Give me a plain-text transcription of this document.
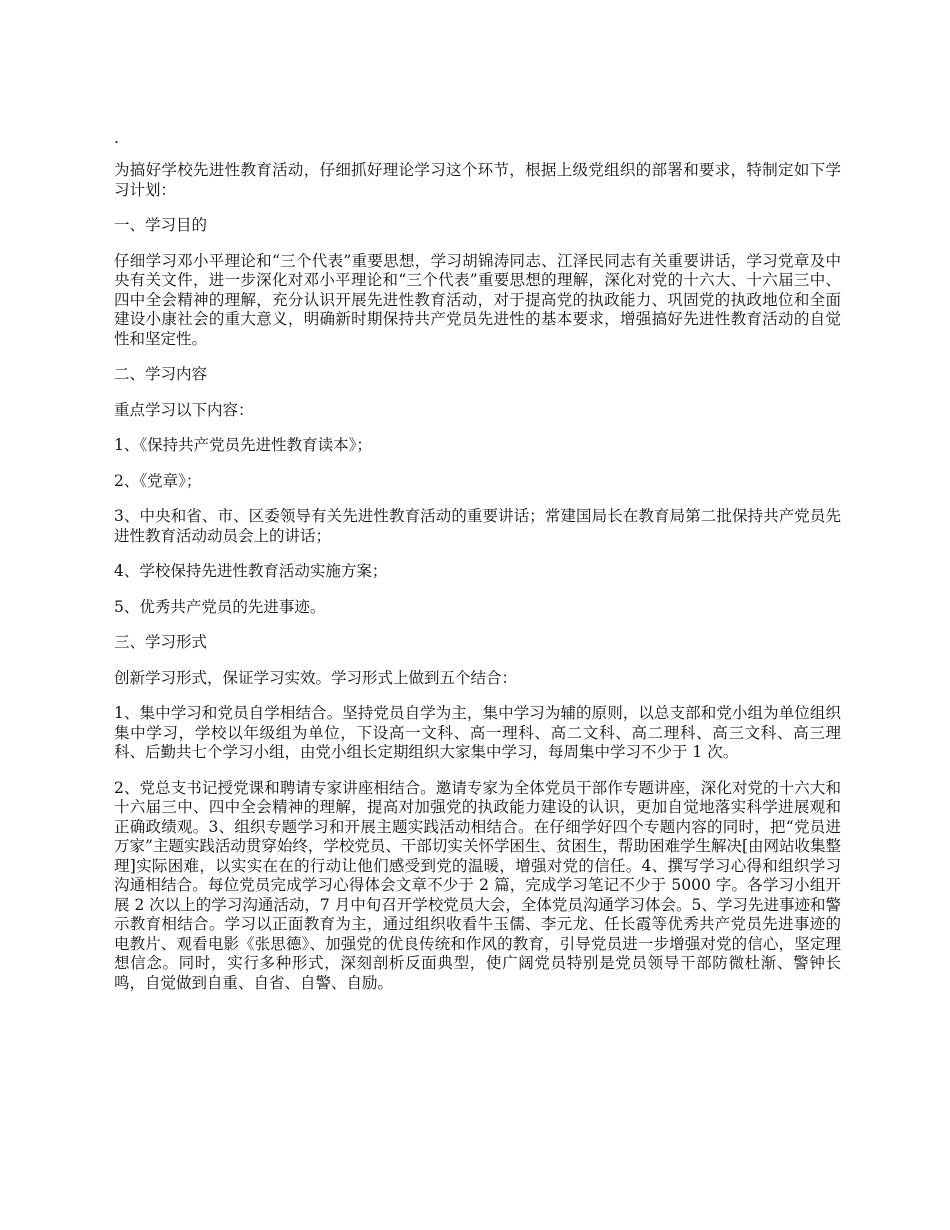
.

为搞好学校先进性教育活动，仔细抓好理论学习这个环节，根据上级党组织的部署和要求，特制定如下学习计划：

一、学习目的

仔细学习邓小平理论和“三个代表”重要思想，学习胡锦涛同志、江泽民同志有关重要讲话，学习党章及中央有关文件，进一步深化对邓小平理论和“三个代表”重要思想的理解，深化对党的十六大、十六届三中、四中全会精神的理解，充分认识开展先进性教育活动，对于提高党的执政能力、巩固党的执政地位和全面建设小康社会的重大意义，明确新时期保持共产党员先进性的基本要求，增强搞好先进性教育活动的自觉性和坚定性。

二、学习内容

重点学习以下内容：

1、《保持共产党员先进性教育读本》；

2、《党章》；

3、中央和省、市、区委领导有关先进性教育活动的重要讲话；常建国局长在教育局第二批保持共产党员先进性教育活动动员会上的讲话；

4、学校保持先进性教育活动实施方案；

5、优秀共产党员的先进事迹。

三、学习形式

创新学习形式，保证学习实效。学习形式上做到五个结合：

1、集中学习和党员自学相结合。坚持党员自学为主，集中学习为辅的原则，以总支部和党小组为单位组织集中学习，学校以年级组为单位，下设高一文科、高一理科、高二文科、高二理科、高三文科、高三理科、后勤共七个学习小组，由党小组长定期组织大家集中学习，每周集中学习不少于 1 次。

2、党总支书记授党课和聘请专家讲座相结合。邀请专家为全体党员干部作专题讲座，深化对党的十六大和十六届三中、四中全会精神的理解，提高对加强党的执政能力建设的认识，更加自觉地落实科学进展观和正确政绩观。3、组织专题学习和开展主题实践活动相结合。在仔细学好四个专题内容的同时，把“党员进万家”主题实践活动贯穿始终，学校党员、干部切实关怀学困生、贫困生，帮助困难学生解决[由网站收集整理]实际困难，以实实在在的行动让他们感受到党的温暖，增强对党的信任。4、撰写学习心得和组织学习沟通相结合。每位党员完成学习心得体会文章不少于 2 篇，完成学习笔记不少于 5000 字。各学习小组开展 2 次以上的学习沟通活动，7 月中旬召开学校党员大会，全体党员沟通学习体会。5、学习先进事迹和警示教育相结合。学习以正面教育为主，通过组织收看牛玉儒、李元龙、任长霞等优秀共产党员先进事迹的电教片、观看电影《张思德》、加强党的优良传统和作风的教育，引导党员进一步增强对党的信心，坚定理想信念。同时，实行多种形式，深刻剖析反面典型，使广阔党员特别是党员领导干部防微杜渐、警钟长鸣，自觉做到自重、自省、自警、自励。
